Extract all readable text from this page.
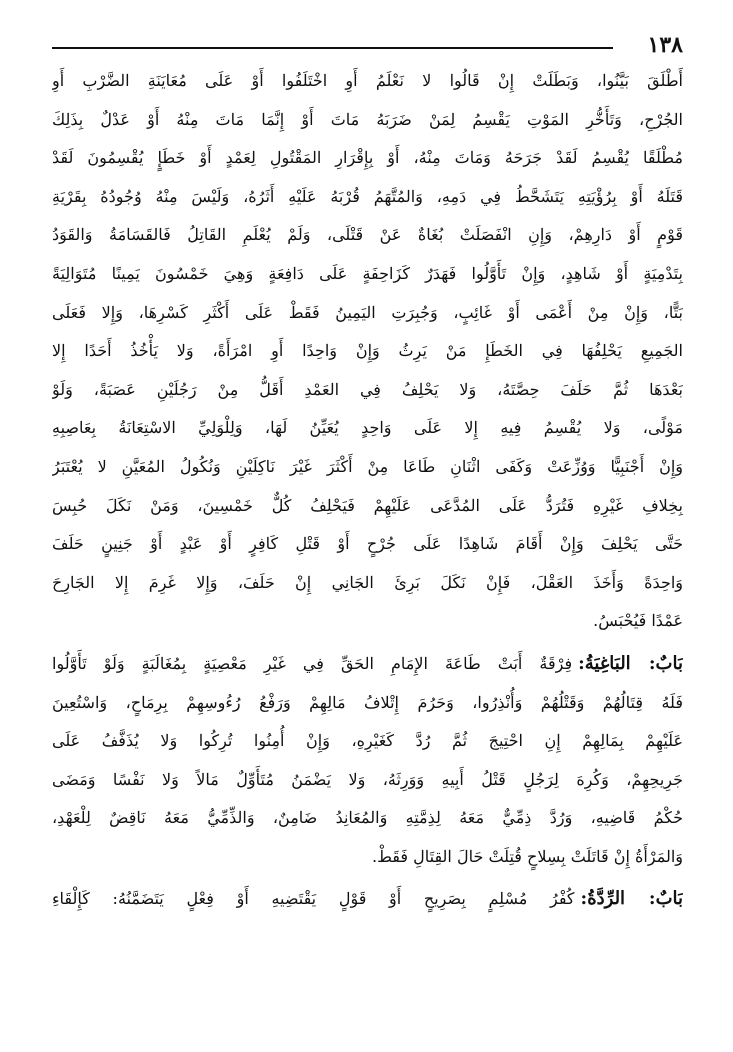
١٣٨
أَطْلَقَ بَيَّنُوا، وَبَطَلَتْ إِنْ قَالُوا لا نَعْلَمُ أَوِ اخْتَلَفُوا أَوْ عَلَى مُعَايَنَةِ الضَّرْبِ أَوِ
الجُرْحِ، وَتَأَخُّرِ المَوْتِ يَقْسِمُ لِمَنْ ضَرَبَهُ مَاتَ أَوْ إِنَّمَا مَاتَ مِنْهُ أَوْ عَدْلٌ بِذَلِكَ
مُطْلَقًا يُقْسِمُ لَقَدْ جَرَحَهُ وَمَاتَ مِنْهُ، أَوْ بِإِقْرَارِ المَقْتُولِ لِعَمْدٍ أَوْ خَطَإٍ يُقْسِمُونَ لَقَدْ
قَتَلَهُ أَوْ بِرُؤْيَتِهِ يَتَشَحَّطُ فِي دَمِهِ، وَالمُتَّهَمُ قُرْبَهُ عَلَيْهِ أَثَرُهُ، وَلَيْسَ مِنْهُ وُجُودُهُ بِقَرْيَةِ
قَوْمٍ أَوْ دَارِهِمْ، وَإِنِ انْفَصَلَتْ بُغَاةٌ عَنْ قَتْلَى، وَلَمْ يُعْلَمِ القَاتِلُ فَالقَسَامَةُ وَالقَوَدُ
بِتَدْمِيَةٍ أَوْ شَاهِدٍ، وَإِنْ تَأَوَّلُوا فَهَدَرٌ كَزَاحِفَةٍ عَلَى دَافِعَةٍ وَهِيَ خَمْسُونَ يَمِينًا مُتَوَالِيَةً
بَتًّا، وَإِنْ مِنْ أَعْمَى أَوْ غَائِبٍ، وَجُبِرَتِ اليَمِينُ فَقَطْ عَلَى أَكْثَرِ كَسْرِهَا، وَإِلا فَعَلَى
الجَمِيعِ يَحْلِفُهَا فِي الخَطَإِ مَنْ يَرِثُ وَإِنْ وَاحِدًا أَوِ امْرَأَةً، وَلا يَأْخُذُ أَحَدًا إِلا
بَعْدَهَا ثُمَّ حَلَفَ حِصَّتَهُ، وَلا يَحْلِفُ فِي العَمْدِ أَقَلُّ مِنْ رَجُلَيْنِ عَصَبَةً، وَلَوْ
مَوْلًى، وَلا يُقْسِمُ فِيهِ إِلا عَلَى وَاحِدٍ يُعَيِّنُ لَهَا، وَلِلْوَلِيِّ الاسْتِعَانَةُ بِعَاصِبِهِ
وَإِنْ أَجْنَبِيًّا وَوُزِّعَتْ وَكَفَى اثْنَانِ طَاعَا مِنْ أَكْثَرَ غَيْرَ نَاكِلَيْنِ وَنُكُولُ المُعَيَّنِ لا يُعْتَبَرُ
بِخِلافِ غَيْرِهِ فَتُرَدُّ عَلَى المُدَّعَى عَلَيْهِمْ فَيَحْلِفُ كُلٌّ خَمْسِينَ، وَمَنْ نَكَلَ حُبِسَ
حَتَّى يَحْلِفَ وَإِنْ أَقَامَ شَاهِدًا عَلَى جُرْحٍ أَوْ قَتْلِ كَافِرٍ أَوْ عَبْدٍ أَوْ جَنِينٍ حَلَفَ
وَاحِدَةً وَأَخَذَ العَقْلَ، فَإِنْ نَكَلَ بَرِئَ الجَانِي إِنْ حَلَفَ، وَإِلا غَرِمَ إِلا الجَارِحَ
عَمْدًا فَيُحْبَسُ.
بَابٌ: البَاغِيَةُ:فِرْقَةٌ أَبَتْ طَاعَةَ الإِمَامِ الحَقِّ فِي غَيْرِ مَعْصِيَةٍ بِمُغَالَبَةٍ وَلَوْ تَأَوَّلُوا
فَلَهُ قِتَالُهُمْ وَقَتْلُهُمْ وَأُنْذِرُوا، وَحَرُمَ إِتْلافُ مَالِهِمْ وَرَفْعُ رُءُوسِهِمْ بِرِمَاحٍ، وَاسْتُعِينَ
عَلَيْهِمْ بِمَالِهِمْ إِنِ احْتِيجَ ثُمَّ رُدَّ كَغَيْرِهِ، وَإِنْ أُمِنُوا تُرِكُوا وَلا يُذَفَّفُ عَلَى
جَرِيحِهِمْ، وَكُرِهَ لِرَجُلٍ قَتْلُ أَبِيهِ وَوَرِثَهُ، وَلا يَضْمَنُ مُتَأَوِّلٌ مَالاً وَلا نَفْسًا وَمَضَى
حُكْمُ قَاضِيهِ، وَرُدَّ ذِمِّيٌّ مَعَهُ لِذِمَّتِهِ وَالمُعَانِدُ ضَامِنٌ، وَالذِّمِّيُّ مَعَهُ نَاقِضٌ لِلْعَهْدِ،
وَالمَرْأَةُ إِنْ قَاتَلَتْ بِسِلاحٍ قُتِلَتْ حَالَ القِتَالِ فَقَطْ.
بَابٌ: الرِّدَّةُ:كُفْرُ مُسْلِمٍ بِصَرِيحٍ أَوْ قَوْلٍ يَقْتَضِيهِ أَوْ فِعْلٍ يَتَضَمَّنُهُ: كَإِلْقَاءِ
